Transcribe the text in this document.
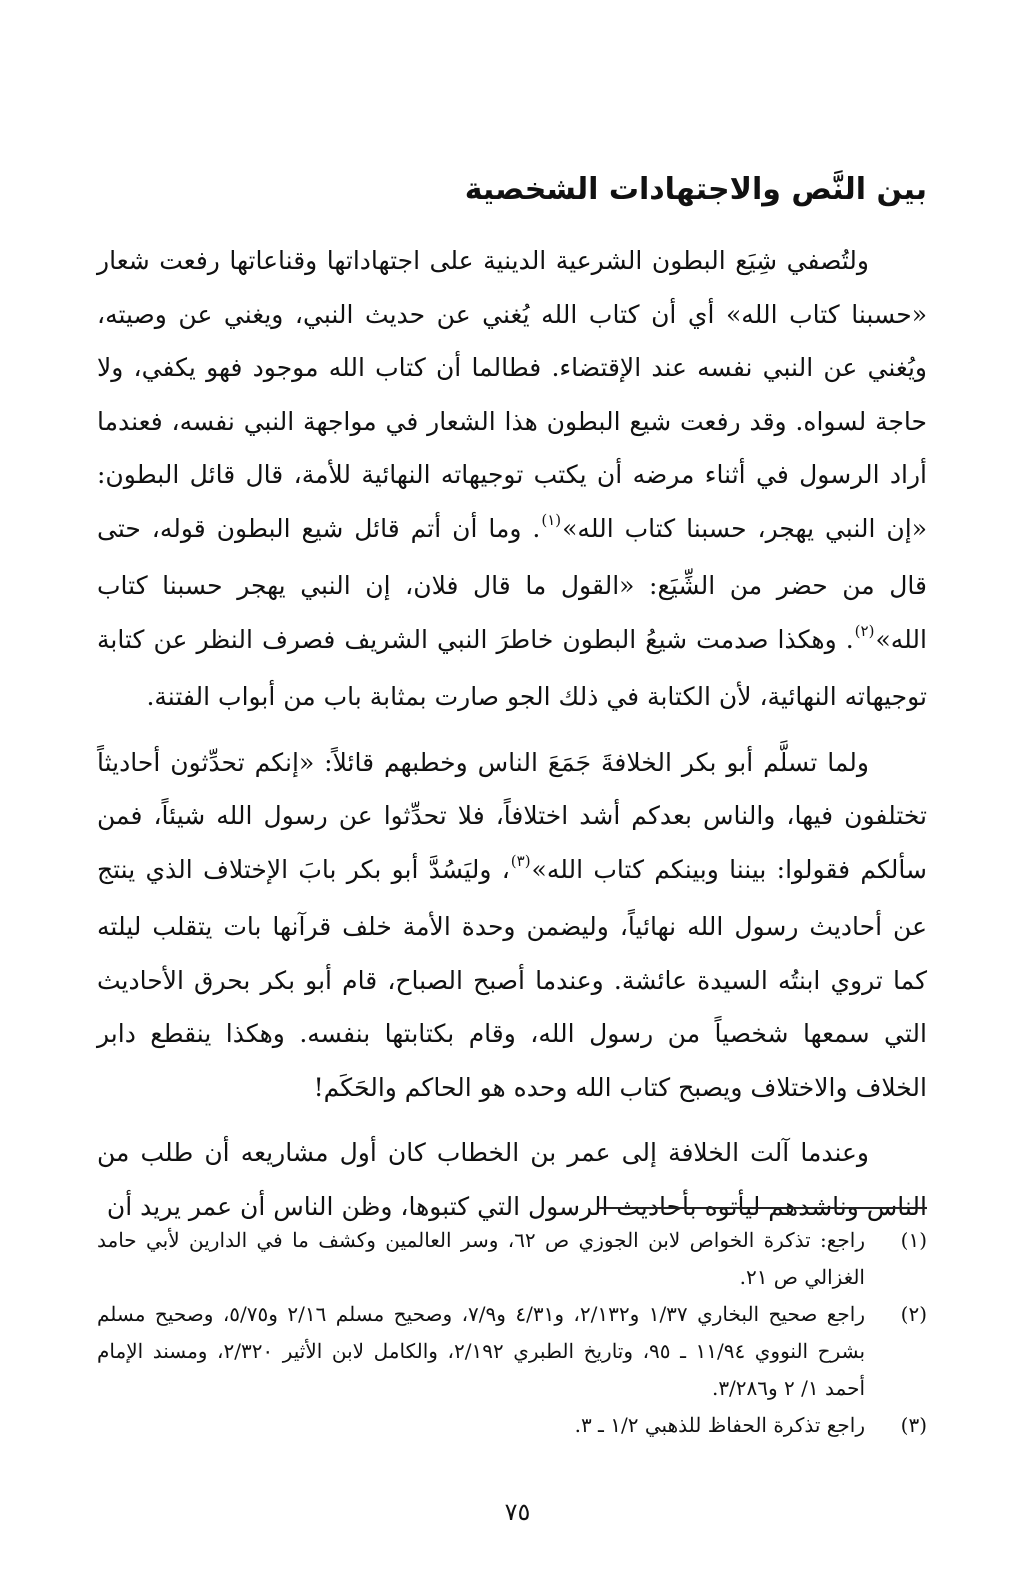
بين النَّص والاجتهادات الشخصية

ولتُصفي شِيَع البطون الشرعية الدينية على اجتهاداتها وقناعاتها رفعت شعار «حسبنا كتاب الله» أي أن كتاب الله يُغني عن حديث النبي، ويغني عن وصيته، ويُغني عن النبي نفسه عند الإقتضاء. فطالما أن كتاب الله موجود فهو يكفي، ولا حاجة لسواه. وقد رفعت شيع البطون هذا الشعار في مواجهة النبي نفسه، فعندما أراد الرسول في أثناء مرضه أن يكتب توجيهاته النهائية للأمة، قال قائل البطون: «إن النبي يهجر، حسبنا كتاب الله»$^{(١)}$. وما أن أتم قائل شيع البطون قوله، حتى قال من حضر من الشِّيَع: «القول ما قال فلان، إن النبي يهجر حسبنا كتاب الله»$^{(٢)}$. وهكذا صدمت شيعُ البطون خاطرَ النبي الشريف فصرف النظر عن كتابة توجيهاته النهائية، لأن الكتابة في ذلك الجو صارت بمثابة باب من أبواب الفتنة.

ولما تسلَّم أبو بكر الخلافةَ جَمَعَ الناس وخطبهم قائلاً: «إنكم تحدِّثون أحاديثاً تختلفون فيها، والناس بعدكم أشد اختلافاً، فلا تحدِّثوا عن رسول الله شيئاً، فمن سألكم فقولوا: بيننا وبينكم كتاب الله»$^{(٣)}$، وليَسُدَّ أبو بكر بابَ الإختلاف الذي ينتج عن أحاديث رسول الله نهائياً، وليضمن وحدة الأمة خلف قرآنها بات يتقلب ليلته كما تروي ابنتُه السيدة عائشة. وعندما أصبح الصباح، قام أبو بكر بحرق الأحاديث التي سمعها شخصياً من رسول الله، وقام بكتابتها بنفسه. وهكذا ينقطع دابر الخلاف والاختلاف ويصبح كتاب الله وحده هو الحاكم والحَكَم!

وعندما آلت الخلافة إلى عمر بن الخطاب كان أول مشاريعه أن طلب من الناس وناشدهم ليأتوه بأحاديث الرسول التي كتبوها، وظن الناس أن عمر يريد أن

(١)
راجع: تذكرة الخواص لابن الجوزي ص ٦٢، وسر العالمين وكشف ما في الدارين لأبي حامد الغزالي ص ٢١.
(٢)
راجع صحيح البخاري ١/٣٧ و٢/١٣٢، و٤/٣١ و٧/٩، وصحيح مسلم ٢/١٦ و٥/٧٥، وصحيح مسلم بشرح النووي ١١/٩٤ ـ ٩٥، وتاريخ الطبري ٢/١٩٢، والكامل لابن الأثير ٢/٣٢٠، ومسند الإمام أحمد ١/ ٢ و٣/٢٨٦.
(٣)
راجع تذكرة الحفاظ للذهبي ١/٢ ـ ٣.
٧٥
